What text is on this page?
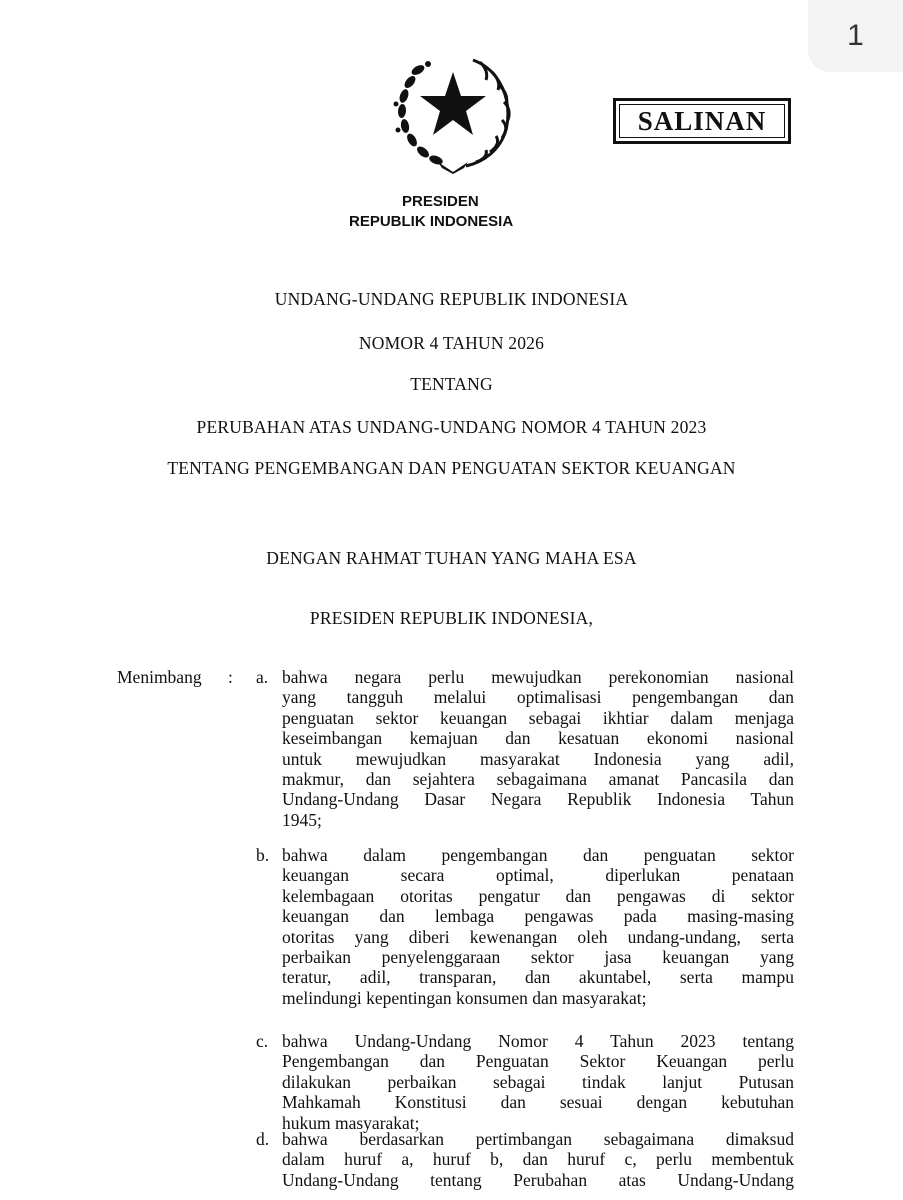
1
SALINAN
PRESIDEN
REPUBLIK INDONESIA
UNDANG-UNDANG REPUBLIK INDONESIA
NOMOR 4 TAHUN 2026
TENTANG
PERUBAHAN ATAS UNDANG-UNDANG NOMOR 4 TAHUN 2023
TENTANG PENGEMBANGAN DAN PENGUATAN SEKTOR KEUANGAN
DENGAN RAHMAT TUHAN YANG MAHA ESA
PRESIDEN REPUBLIK INDONESIA,
Menimbang : a. bahwa negara perlu mewujudkan perekonomian nasional
yang tangguh melalui optimalisasi pengembangan dan
penguatan sektor keuangan sebagai ikhtiar dalam menjaga
keseimbangan kemajuan dan kesatuan ekonomi nasional
untuk mewujudkan masyarakat Indonesia yang adil,
makmur, dan sejahtera sebagaimana amanat Pancasila dan
Undang-Undang Dasar Negara Republik Indonesia Tahun
1945;
b. bahwa dalam pengembangan dan penguatan sektor
keuangan secara optimal, diperlukan penataan
kelembagaan otoritas pengatur dan pengawas di sektor
keuangan dan lembaga pengawas pada masing-masing
otoritas yang diberi kewenangan oleh undang-undang, serta
perbaikan penyelenggaraan sektor jasa keuangan yang
teratur, adil, transparan, dan akuntabel, serta mampu
melindungi kepentingan konsumen dan masyarakat;
c. bahwa Undang-Undang Nomor 4 Tahun 2023 tentang
Pengembangan dan Penguatan Sektor Keuangan perlu
dilakukan perbaikan sebagai tindak lanjut Putusan
Mahkamah Konstitusi dan sesuai dengan kebutuhan
hukum masyarakat;
d. bahwa berdasarkan pertimbangan sebagaimana dimaksud
dalam huruf a, huruf b, dan huruf c, perlu membentuk
Undang-Undang tentang Perubahan atas Undang-Undang
